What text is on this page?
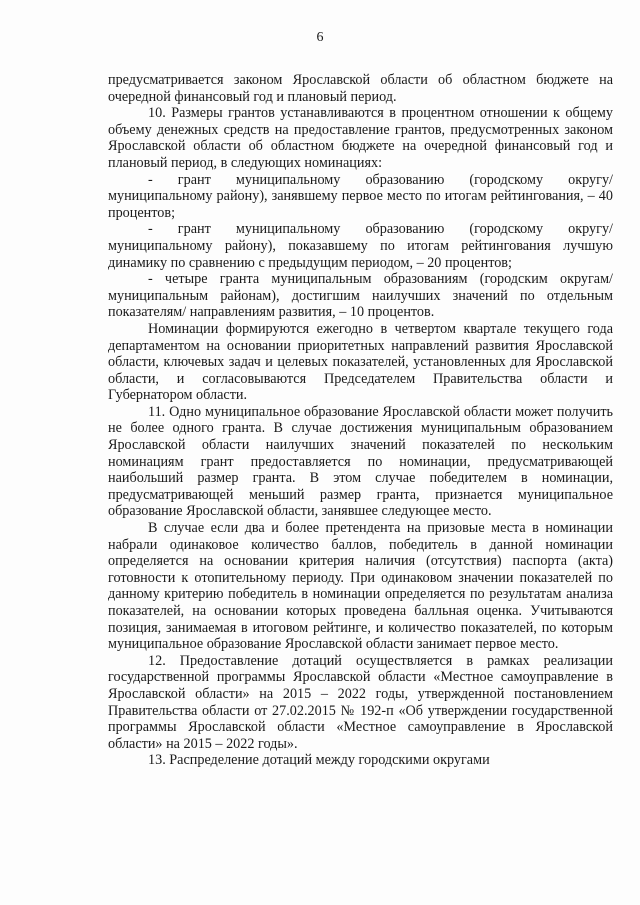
6

предусматривается законом Ярославской области об областном бюджете на очередной финансовый год и плановый период.

10. Размеры грантов устанавливаются в процентном отношении к общему объему денежных средств на предоставление грантов, предусмотренных законом Ярославской области об областном бюджете на очередной финансовый год и плановый период, в следующих номинациях:

- грант муниципальному образованию (городскому округу/ муниципальному району), занявшему первое место по итогам рейтингования, – 40 процентов;

- грант муниципальному образованию (городскому округу/ муниципальному району), показавшему по итогам рейтингования лучшую динамику по сравнению с предыдущим периодом, – 20 процентов;

- четыре гранта муниципальным образованиям (городским округам/ муниципальным районам), достигшим наилучших значений по отдельным показателям/ направлениям развития, – 10 процентов.

Номинации формируются ежегодно в четвертом квартале текущего года департаментом на основании приоритетных направлений развития Ярославской области, ключевых задач и целевых показателей, установленных для Ярославской области, и согласовываются Председателем Правительства области и Губернатором области.

11. Одно муниципальное образование Ярославской области может получить не более одного гранта. В случае достижения муниципальным образованием Ярославской области наилучших значений показателей по нескольким номинациям грант предоставляется по номинации, предусматривающей наибольший размер гранта. В этом случае победителем в номинации, предусматривающей меньший размер гранта, признается муниципальное образование Ярославской области, занявшее следующее место.

В случае если два и более претендента на призовые места в номинации набрали одинаковое количество баллов, победитель в данной номинации определяется на основании критерия наличия (отсутствия) паспорта (акта) готовности к отопительному периоду. При одинаковом значении показателей по данному критерию победитель в номинации определяется по результатам анализа показателей, на основании которых проведена балльная оценка. Учитываются позиция, занимаемая в итоговом рейтинге, и количество показателей, по которым муниципальное образование Ярославской области занимает первое место.

12. Предоставление дотаций осуществляется в рамках реализации государственной программы Ярославской области «Местное самоуправление в Ярославской области» на 2015 – 2022 годы, утвержденной постановлением Правительства области от 27.02.2015 № 192-п «Об утверждении государственной программы Ярославской области «Местное самоуправление в Ярославской области» на 2015 – 2022 годы».

13. Распределение дотаций между городскими округами
